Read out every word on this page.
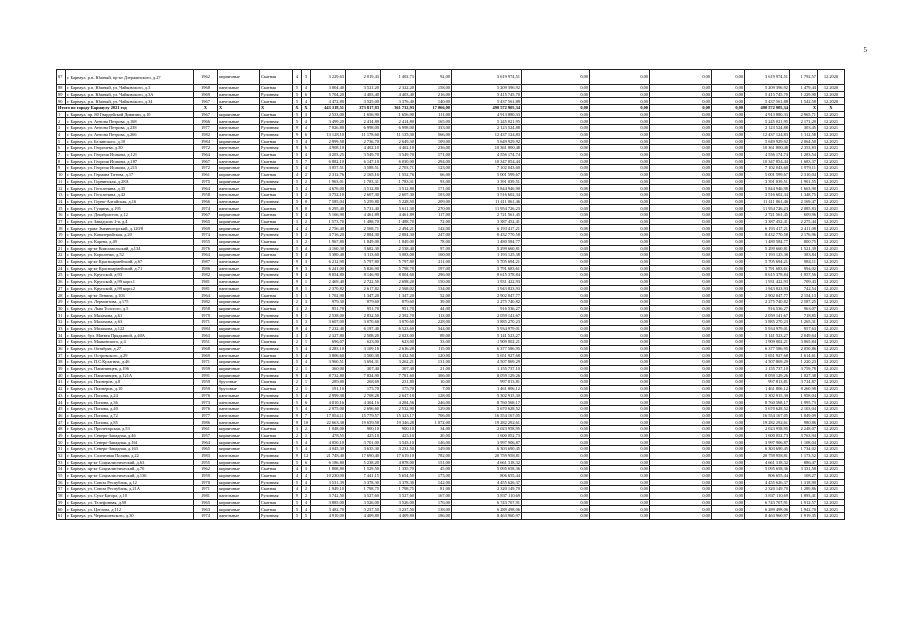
5
87	г. Барнаул, р.п. Южный, пр-кт Дзержинского, д.27	1962	кирпичные	Скатная	4	3	3 229,63	2 019,43	1 402,73	92,00	3 619 974,51	0,00	0,00	0,00	0,00	3 619 974,51	1 792,57	12.2020
88	г. Барнаул, р.п. Южный, ул. Чайковского, д.3	1968	панельные	Скатная	5	4	3 804,40	3 521,20	2 322,20	158,00	5 209 396,92	0,00	0,00	0,00	0,00	5 209 396,92	1 479,44	12.2020
89	г. Барнаул, р.п. Южный, ул. Чайковского, д.3А	1969	панельные	Рулонная	5	6	5 704,20	4 403,40	4 403,40	216,00	5 415 745,70	0,00	0,00	0,00	0,00	5 415 745,70	1 229,90	12.2020
90	г. Барнаул, р.п. Южный, ул. Чайковского, д.34	1967	панельные	Скатная	5	4	4 472,80	3 525,00	3 376,40	140,00	5 437 561,88	0,00	0,00	0,00	0,00	5 437 561,88	1 542,58	12.2020
Итого по городу Барнаулу 2021 год		X	X	X	X	X	443 318,51	373 817,83	361 732,93	17 066,00	490 572 905,34	0,00	0,00	0,00	0,00	490 572 905,34	X	X
1	г. Барнаул, пр. 80 Гвардейской Дивизии, д.10	1967	кирпичные	Скатная	5	3	2 533,00	1 656,90	1 656,90	111,00	4 913 880,33	0,00	0,00	0,00	0,00	4 913 880,33	2 965,71	12.2021
2	г. Барнаул, ул. Антона Петрова, д.168	1966	панельные	Рулонная	5	4	3 499,20	2 414,80	2 414,80	165,00	5 245 021,95	0,00	0,00	0,00	0,00	5 245 021,95	2 171,20	12.2021
3	г. Барнаул, ул. Антона Петрова, д.238	1977	панельные	Рулонная	9	4	7 826,80	6 998,00	6 998,00	333,00	2 123 524,88	0,00	0,00	0,00	0,00	2 123 524,88	303,45	12.2021
4	г. Барнаул, ул. Антона Петрова, д.266	1982	панельные	Рулонная	9	6	13 128,10	11 178,60	11 135,30	566,00	12 437 124,83	0,00	0,00	0,00	0,00	12 437 124,83	1 112,58	12.2021
5	г. Барнаул, ул. Белинского, д.10	1984	кирпичные	Скатная	5	4	2 999,58	2 736,70	2 649,30	109,00	5 649 929,92	0,00	0,00	0,00	0,00	5 649 929,92	2 064,50	12.2021
6	г. Барнаул, ул. Георгиева, д.30	1972	панельные	Рулонная	9	6	4 908,10	4 402,10	4 402,10	236,00	10 361 800,48	0,00	0,00	0,00	0,00	10 361 800,48	2 353,83	12.2021
7	г. Барнаул, ул. Георгия Исакова, д.121	1964	панельные	Скатная	5	4	4 203,25	3 549,70	3 549,70	171,00	4 556 174,74	0,00	0,00	0,00	0,00	4 556 174,74	1 283,54	12.2021
8	г. Барнаул, ул. Георгия Исакова, д.187	1967	панельные	Скатная	5	7	6 882,10	6 147,10	6 030,00	294,00	10 347 854,44	0,00	0,00	0,00	0,00	10 347 854,44	1 683,37	12.2021
9	г. Барнаул, ул. Георгия Исакова, д.215	1972	кирпичные	Рулонная	5	4	3 857,51	3 588,51	2 703,71	123,00	7 102 043,60	0,00	0,00	0,00	0,00	7 102 043,60	1 979,11	12.2021
10	г. Барнаул, ул. Германа Титова, д.17	1961	кирпичные	Скатная	4	2	2 312,76	2 165,16	1 552,76	66,00	5 001 599,67	0,00	0,00	0,00	0,00	5 001 599,67	2 310,04	12.2021
11	г. Барнаул, ул. Горнинская, д.28А	1975	кирпичные	Рулонная	5	2	1 963,01	1 783,31	1 783,31	93,00	3 391 039,51	0,00	0,00	0,00	0,00	3 391 039,51	1 901,55	12.2021
12	г. Барнаул, ул. Гоголенина, д.35	1964	панельные	Скатная	5	4	4 676,00	3 512,80	3 512,80	171,00	5 844 946,90	0,00	0,00	0,00	0,00	5 844 946,90	1 663,90	12.2021
13	г. Барнаул, ул. Гоголенина, д.42	1958	панельные	Скатная	3	2	3 752,10	2 607,30	2 607,30	103,00	3 516 602,34	0,00	0,00	0,00	0,00	3 516 602,34	1 348,75	12.2021
14	г. Барнаул, ул. Горно-Алтайская, д.16	1966	панельные	Рулонная	5	8	7 585,04	5 259,80	5 228,50	209,00	11 411 061,46	0,00	0,00	0,00	0,00	11 411 061,46	2 169,47	12.2021
15	г. Барнаул, ул. Гущина, д.195	1974	панельные	Скатная	9	8	6 295,40	5 731,40	5 611,30	270,00	11 954 726,23	0,00	0,00	0,00	0,00	11 954 726,23	2 085,83	12.2021
16	г. Барнаул, ул. Декабристов, д.12	1967	кирпичные	Скатная	5	4	5 166,90	4 461,89	4 461,89	117,00	2 721 561,45	0,00	0,00	0,00	0,00	2 721 561,45	609,96	12.2021
17	г. Барнаул, ул. Завадских 1-я, д.4	1965	кирпичные	Скатная	3	2	1 573,70	1 488,70	1 488,70	72,00	3 387 452,41	0,00	0,00	0,00	0,00	3 387 452,41	2 275,44	12.2021
18	г. Барнаул, тракт Змеиногорский, д.120/8	1969	кирпичные	Рулонная	4	4	2 756,40	2 568,71	2 494,21	142,00	6 193 417,21	0,00	0,00	0,00	0,00	6 193 417,21	2 411,08	12.2021
19	г. Барнаул, ул. Кавалерийская, д.20	1974	панельные	Рулонная	5	2	4 716,20	2 884,30	2 884,30	247,00	8 432 770,58	0,00	0,00	0,00	0,00	8 432 770,58	2 176,96	12.2021
20	г. Барнаул, ул. Карева, д.49	1955	кирпичные	Скатная	3	2	1 967,80	1 849,00	1 849,00	78,00	1 480 584,77	0,00	0,00	0,00	0,00	1 480 584,77	800,75	12.2021
21	г. Барнаул, пр-кт Комсомольский, д.134	1976	кирпичные	Рулонная	5	4	4 160,30	3 682,30	2 538,40	97,00	5 299 660,81	0,00	0,00	0,00	0,00	5 299 660,81	1 521,39	12.2021
22	г. Барнаул, ул. Короленко, д.52	1964	кирпичные	Скатная	5	4	3 380,40	3 113,60	3 083,00	100,00	1 193 125,38	0,00	0,00	0,00	0,00	1 193 125,38	383,84	12.2021
23	г. Барнаул, пр-кт Красноармейский, д.67	1987	панельные	Рулонная	9	3	6 212,90	5 797,80	5 797,80	211,00	5 705 694,21	0,00	0,00	0,00	0,00	5 705 694,21	984,11	12.2021
24	г. Барнаул, пр-кт Красноармейский, д.71	1986	панельные	Рулонная	9	3	6 241,00	5 826,90	5 798,70	197,00	5 791 683,61	0,00	0,00	0,00	0,00	5 791 683,61	994,02	12.2021
25	г. Барнаул, ул. Крупской, д.93	1982	кирпичные	Рулонная	9	4	8 054,80	8 146,90	8 004,60	296,00	8 615 378,84	0,00	0,00	0,00	0,00	8 615 378,84	1 057,56	12.2021
26	г. Барнаул, ул. Крупской, д.99 корп.1	1981	панельные	Рулонная	9	1	2 469,40	2 722,50	2 698,20	150,00	1 931 422,93	0,00	0,00	0,00	0,00	1 931 422,93	709,43	12.2021
27	г. Барнаул, ул. Крупской, д.99 корп.2	1981	панельные	Рулонная	9	1	2 370,82	2 617,82	2 568,02	134,00	1 943 823,93	0,00	0,00	0,00	0,00	1 943 823,93	742,54	12.2021
28	г. Барнаул, пр-кт Ленина, д.103	1964	кирпичные	Скатная	5	1	1 702,90	1 347,20	1 347,20	52,00	2 902 047,77	0,00	0,00	0,00	0,00	2 902 047,77	2 154,13	12.2021
29	г. Барнаул, ул. Лермонтова, д.175	1982	кирпичные	Рулонная	2	3	979,30	879,60	879,60	39,00	2 275 740,82	0,00	0,00	0,00	0,00	2 275 740,82	2 587,25	12.2021
30	г. Барнаул, ул. Льва Толстого, д.5	1958	кирпичные	Скатная	3	2	951,70	951,70	951,70	44,00	916 536,27	0,00	0,00	0,00	0,00	916 536,27	963,07	12.2021
31	г. Барнаул, ул. Малахова, д.61	1979	кирпичные	Рулонная	9	1	2 538,00	2 832,50	2 392,70	113,00	2 059 141,67	0,00	0,00	0,00	0,00	2 059 141,67	718,85	12.2021
32	г. Барнаул, ул. Малахова, д.63	1971	кирпичные	Рулонная	5	3	3 607,00	3 070,60	3 070,60	228,00	3 885 270,23	0,00	0,00	0,00	0,00	3 885 270,23	1 265,31	12.2021
33	г. Барнаул, ул. Малахова, д.122	1984	кирпичные	Рулонная	9	4	7 232,40	6 197,40	6 523,60	344,00	5 934 979,01	0,00	0,00	0,00	0,00	5 934 979,01	957,63	12.2021
34	г. Барнаул, бул. Матвея Прядкиной, д.40А	1963	кирпичные	Рулонная	3	3	2 327,80	2 508,20	2 023,00	89,00	5 141 523,27	0,00	0,00	0,00	0,00	5 141 523,27	2 049,64	12.2021
35	г. Барнаул, ул. Маяковского, д.4	1951	кирпичные	Скатная	2	1	696,07	623,00	623,00	33,00	1 909 002,21	0,00	0,00	0,00	0,00	1 909 002,21	3 065,84	12.2021
36	г. Барнаул, ул. Октябрят, д.27	1968	кирпичные	Рулонная	5	4	4 283,10	3 109,18	2 616,28	115,00	6 377 586,95	0,00	0,00	0,00	0,00	6 377 586,95	2 050,86	12.2021
37	г. Барнаул, ул. Островского, д.29	1969	панельные	Скатная	5	4	3 806,60	3 500,30	3 432,50	120,00	5 651 927,68	0,00	0,00	0,00	0,00	5 651 927,68	1 614,61	12.2021
38	г. Барнаул, ул. П.С.Кулагина, д.46	1971	кирпичные	Рулонная	5	4	3 960,51	3 694,31	3 262,21	131,00	4 507 869,29	0,00	0,00	0,00	0,00	4 507 869,29	1 220,23	12.2021
39	г. Барнаул, ул. Папанинцев, д.196	1959	кирпичные	Скатная	2	1	360,00	307,40	307,40	21,00	1 155 737,10	0,00	0,00	0,00	0,00	1 155 737,10	3 759,78	12.2021
40	г. Барнаул, ул. Папанинцев, д.121А	1991	кирпичные	Рулонная	9	4	8 732,80	7 824,90	7 781,60	306,00	8 059 129,26	0,00	0,00	0,00	0,00	8 059 129,26	1 027,38	12.2021
41	г. Барнаул, ул. Пионеров, д.8	1959	брусовые	Скатная	2	1	289,80	268,69	231,80	10,00	997 813,81	0,00	0,00	0,00	0,00	997 813,81	3 714,87	12.2021
42	г. Барнаул, ул. Пионеров, д.10	1959	брусовые	Скатная	2	1	191,10	175,70	175,70	7,00	1 461 806,12	0,00	0,00	0,00	0,00	1 461 806,12	8 260,98	12.2021
43	г. Барнаул, ул. Попова, д.24	1976	панельные	Рулонная	5	4	2 999,38	2 708,28	2 647,18	128,00	5 302 915,30	0,00	0,00	0,00	0,00	5 302 915,30	1 958,04	12.2021
44	г. Барнаул, ул. Попова, д.36	1973	панельные	Рулонная	5	6	4 810,16	4 304,16	4 284,56	246,00	8 760 568,17	0,00	0,00	0,00	0,00	8 760 568,17	1 995,73	12.2021
45	г. Барнаул, ул. Попова, д.40	1976	панельные	Рулонная	5	4	2 975,00	2 696,60	2 532,90	129,00	5 670 628,52	0,00	0,00	0,00	0,00	5 670 628,52	2 103,04	12.2021
46	г. Барнаул, ул. Попова, д.72	1977	панельные	Рулонная	9	7	17 854,11	15 779,57	15 323,17	706,00	16 554 167,05	0,00	0,00	0,00	0,00	16 554 167,05	1 049,09	12.2021
47	г. Барнаул, ул. Попова, д.85	1986	панельные	Рулонная	9	10	22 663,38	19 659,58	19 346,28	1 072,00	19 282 292,61	0,00	0,00	0,00	0,00	19 282 292,61	980,86	12.2021
48	г. Барнаул, ул. Пролетарская, д.53	1961	кирпичные	Скатная	3	2	1 048,00	900,10	900,10	34,00	2 023 958,95	0,00	0,00	0,00	0,00	2 023 958,95	2 248,07	12.2021
49	г. Барнаул, ул. Северо-Западная, д.46	1957	кирпичные	Скатная	2	1	478,55	425,10	425,10	20,00	1 600 052,73	0,00	0,00	0,00	0,00	1 600 052,73	3 763,94	12.2021
50	г. Барнаул, ул. Северо-Западная, д.161	1964	кирпичные	Рулонная	5	4	4 050,10	3 701,00	3 543,10	146,00	3 997 906,87	0,00	0,00	0,00	0,00	3 997 906,87	1 108,04	12.2021
51	г. Барнаул, ул. Северо-Западная, д.163	1965	кирпичные	Скатная	5	4	4 045,30	3 635,30	3 231,50	149,00	6 303 690,45	0,00	0,00	0,00	0,00	6 303 690,45	1 734,02	12.2021
52	г. Барнаул, ул. Солнечная Поляна, д.22	1983	панельные	Рулонная	9	12	21 748,40	17 690,40	17 619,10	782,00	20 759 958,81	0,00	0,00	0,00	0,00	20 759 958,81	1 173,52	12.2021
53	г. Барнаул, пр-кт Социалистический, д.63	1955	кирпичные	Рулонная	5	6	6 186,80	5 238,20	4 878,00	151,00	4 661 318,32	0,00	0,00	0,00	0,00	4 661 318,32	886,47	12.2021
54	г. Барнаул, пр-кт Социалистический, д.70	1962	кирпичные	Скатная	4	3	1 808,80	1 529,50	1 335,70	45,00	5 095 658,36	0,00	0,00	0,00	0,00	5 095 658,36	3 331,58	12.2021
55	г. Барнаул, пр-кт Социалистический, д.136	1959	кирпичные	Скатная	4	4	10 230,00	7 441,15	5 654,50	175,00	806 655,44	0,00	0,00	0,00	0,00	806 655,44	108,27	12.2021
56	г. Барнаул, ул. Союза Республик, д.12	1970	кирпичные	Рулонная	5	4	3 531,39	3 378,30	3 378,30	142,00	4 455 626,37	0,00	0,00	0,00	0,00	4 455 626,37	1 318,90	12.2021
57	г. Барнаул, ул. Союза Республик, д.21А	1971	кирпичные	Скатная	4	2	1 949,10	1 798,75	1 798,75	81,00	2 320 149,70	0,00	0,00	0,00	0,00	2 320 149,70	1 289,86	12.2021
58	г. Барнаул, ул. Сухэ-Батора, д.10	1981	панельные	Рулонная	9	2	3 742,50	3 527,60	3 527,60	167,00	3 837 110,69	0,00	0,00	0,00	0,00	3 837 110,69	1 093,41	12.2021
59	г. Барнаул, ул. Телефонная, д.58	1965	кирпичные	Скатная	5	4	3 885,00	3 526,00	3 526,00	176,00	6 743 707,91	0,00	0,00	0,00	0,00	6 743 707,91	1 912,57	12.2021
60	г. Барнаул, ул. Цеглова, д.112	1963	кирпичные	Скатная	5	4	3 482,70	3 237,50	3 237,50	138,00	6 289 498,06	0,00	0,00	0,00	0,00	6 289 498,06	1 942,70	12.2021
61	г. Барнаул, ул. Чернышевского, д.30	1974	панельные	Рулонная	5	5	4 910,00	4 409,80	4 409,80	186,00	8 463 960,97	0,00	0,00	0,00	0,00	8 463 960,97	1 919,35	12.2021
